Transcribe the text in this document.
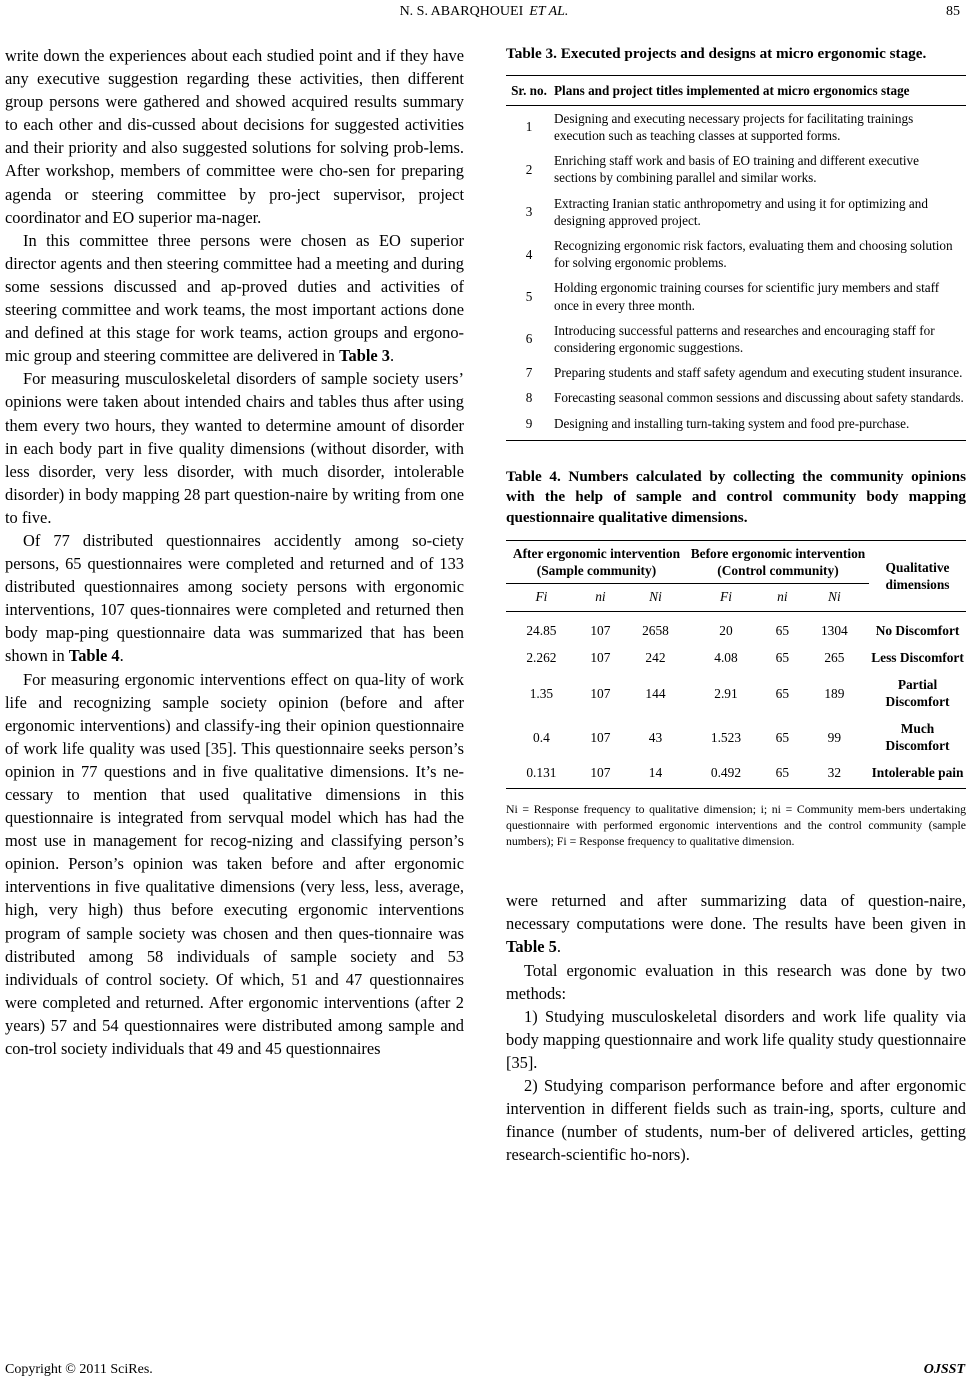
N. S. ABARQHOUEI ET AL.	85

write down the experiences about each studied point and if they have any executive suggestion regarding these activities, then different group persons were gathered and showed acquired results summary to each other and dis-cussed about decisions for suggested activities and their priority and also suggested solutions for solving prob-lems. After workshop, members of committee were cho-sen for preparing agenda or steering committee by pro-ject supervisor, project coordinator and EO superior ma-nager.

In this committee three persons were chosen as EO superior director agents and then steering committee had a meeting and during some sessions discussed and ap-proved duties and activities of steering committee and work teams, the most important actions done and defined at this stage for work teams, action groups and ergono-mic group and steering committee are delivered in Table 3.

For measuring musculoskeletal disorders of sample society users’ opinions were taken about intended chairs and tables thus after using them every two hours, they wanted to determine amount of disorder in each body part in five quality dimensions (without disorder, with less disorder, very less disorder, with much disorder, intolerable disorder) in body mapping 28 part question-naire by writing from one to five.

Of 77 distributed questionnaires accidently among so-ciety persons, 65 questionnaires were completed and returned and of 133 distributed questionnaires among society persons with ergonomic interventions, 107 ques-tionnaires were completed and returned then body map-ping questionnaire data was summarized that has been shown in Table 4.

For measuring ergonomic interventions effect on qua-lity of work life and recognizing sample society opinion (before and after ergonomic interventions) and classify-ing their opinion questionnaire of work life quality was used [35]. This questionnaire seeks person’s opinion in 77 questions and in five qualitative dimensions. It’s ne-cessary to mention that used qualitative dimensions in this questionnaire is integrated from servqual model which has had the most use in management for recog-nizing and classifying person’s opinion. Person’s opinion was taken before and after ergonomic interventions in five qualitative dimensions (very less, less, average, high, very high) thus before executing ergonomic interventions program of sample society was chosen and then ques-tionnaire was distributed among 58 individuals of sample society and 53 individuals of control society. Of which, 51 and 47 questionnaires were completed and returned. After ergonomic interventions (after 2 years) 57 and 54 questionnaires were distributed among sample and con-trol society individuals that 49 and 45 questionnaires

Table 3. Executed projects and designs at micro ergonomic stage.

Sr. no.	Plans and project titles implemented at micro ergonomics stage
1	Designing and executing necessary projects for facilitating trainings execution such as teaching classes at supported forms.
2	Enriching staff work and basis of EO training and different executive sections by combining parallel and similar works.
3	Extracting Iranian static anthropometry and using it for optimizing and designing approved project.
4	Recognizing ergonomic risk factors, evaluating them and choosing solution for solving ergonomic problems.
5	Holding ergonomic training courses for scientific jury members and staff once in every three month.
6	Introducing successful patterns and researches and encouraging staff for considering ergonomic suggestions.
7	Preparing students and staff safety agendum and executing student insurance.
8	Forecasting seasonal common sessions and discussing about safety standards.
9	Designing and installing turn-taking system and food pre-purchase.

Table 4. Numbers calculated by collecting the community opinions with the help of sample and control community body mapping questionnaire qualitative dimensions.

After ergonomic intervention (Sample community)			Before ergonomic intervention (Control community)			Qualitative dimensions
Fi	ni	Ni	Fi	ni	Ni	
24.85	107	2658	20	65	1304	No Discomfort
2.262	107	242	4.08	65	265	Less Discomfort
1.35	107	144	2.91	65	189	Partial Discomfort
0.4	107	43	1.523	65	99	Much Discomfort
0.131	107	14	0.492	65	32	Intolerable pain

Ni = Response frequency to qualitative dimension; i; ni = Community mem-bers undertaking questionnaire with performed ergonomic interventions and the control community (sample numbers); Fi = Response frequency to qualitative dimension.

were returned and after summarizing data of question-naire, necessary computations were done. The results have been given in Table 5.

Total ergonomic evaluation in this research was done by two methods:

1) Studying musculoskeletal disorders and work life quality via body mapping questionnaire and work life quality study questionnaire [35].

2) Studying comparison performance before and after ergonomic intervention in different fields such as train-ing, sports, culture and finance (number of students, num-ber of delivered articles, getting research-scientific ho-nors).

Copyright © 2011 SciRes.	OJSST
